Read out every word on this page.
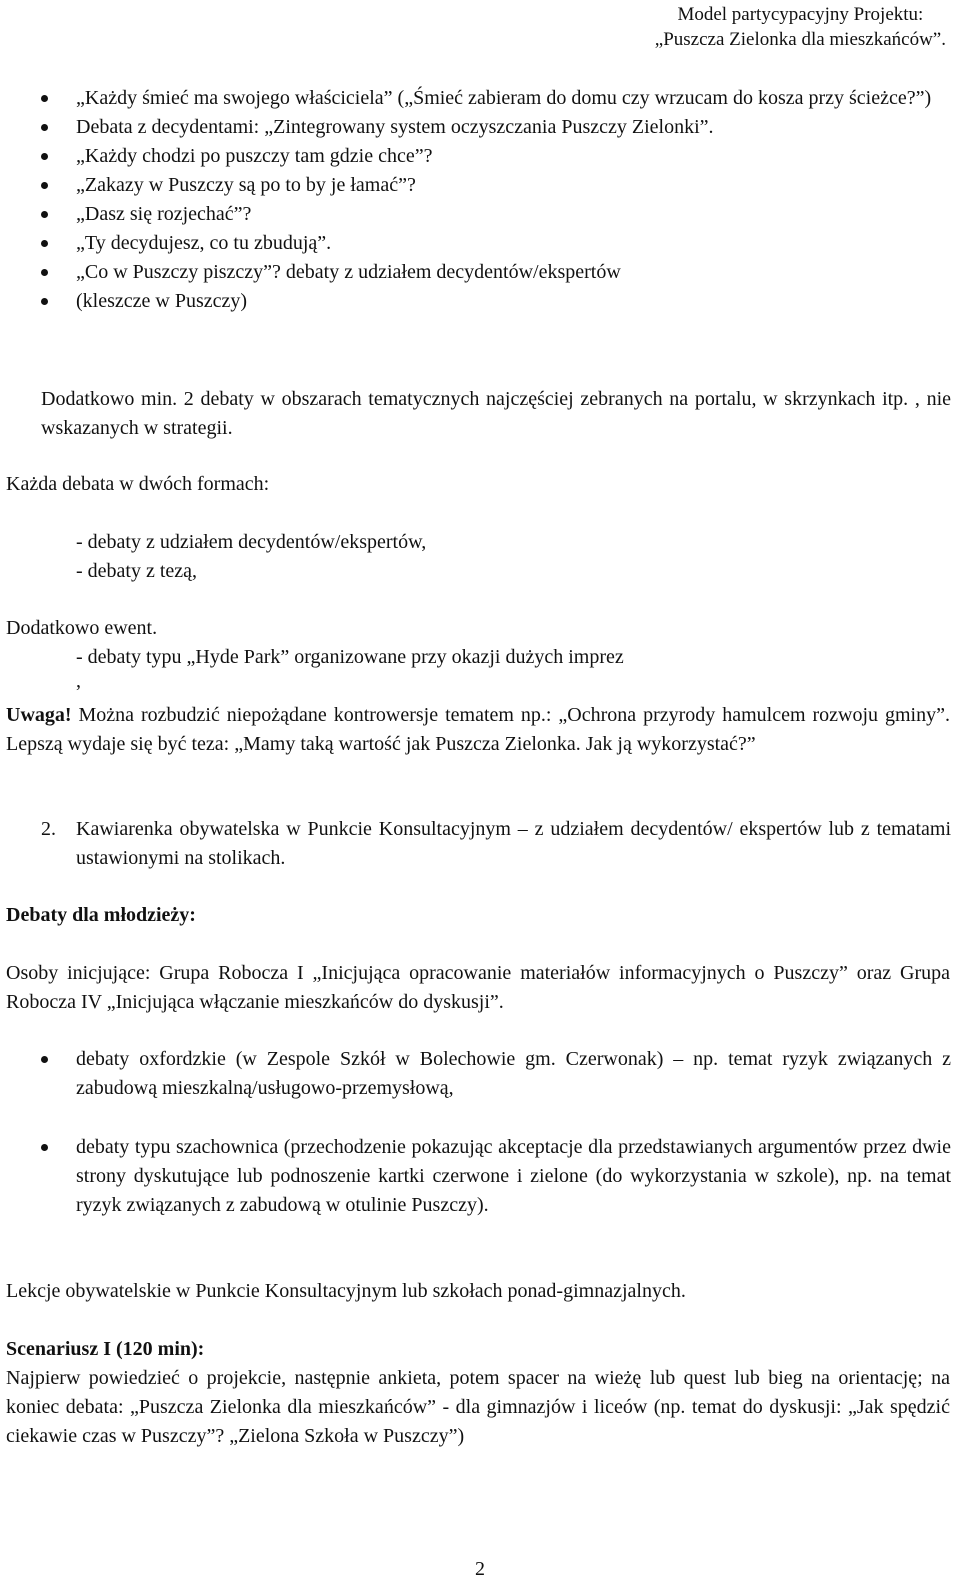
Model partycypacyjny Projektu:
„Puszcza Zielonka dla mieszkańców”.
„Każdy śmieć ma swojego właściciela” („Śmieć zabieram do domu czy wrzucam do kosza przy ścieżce?”)
Debata z decydentami: „Zintegrowany system oczyszczania Puszczy Zielonki”.
„Każdy chodzi po puszczy tam gdzie chce”?
„Zakazy w Puszczy są po to by je łamać”?
„Dasz się rozjechać”?
„Ty decydujesz, co tu zbudują”.
„Co w Puszczy piszczy”? debaty z udziałem decydentów/ekspertów
(kleszcze w Puszczy)

Dodatkowo min. 2 debaty w obszarach tematycznych najczęściej zebranych na portalu, w skrzynkach itp. , nie wskazanych w strategii.

Każda debata w dwóch formach:

- debaty z udziałem decydentów/ekspertów,

- debaty z tezą,

Dodatkowo ewent.

- debaty typu „Hyde Park” organizowane przy okazji dużych imprez

,

Uwaga! Można rozbudzić niepożądane kontrowersje tematem np.: „Ochrona przyrody hamulcem rozwoju gminy”. Lepszą wydaje się być teza: „Mamy taką wartość jak Puszcza Zielonka. Jak ją wykorzystać?”

2. Kawiarenka obywatelska w Punkcie Konsultacyjnym – z udziałem decydentów/ ekspertów lub z tematami ustawionymi na stolikach.

Debaty dla młodzieży:

Osoby inicjujące: Grupa Robocza I „Inicjująca opracowanie materiałów informacyjnych o Puszczy” oraz Grupa Robocza IV „Inicjująca włączanie mieszkańców do dyskusji”.

debaty oxfordzkie (w Zespole Szkół w Bolechowie gm. Czerwonak) – np. temat ryzyk związanych z zabudową mieszkalną/usługowo-przemysłową,
debaty typu szachownica (przechodzenie pokazując akceptacje dla przedstawianych argumentów przez dwie strony dyskutujące lub podnoszenie kartki czerwone i zielone (do wykorzystania w szkole), np. na temat ryzyk związanych z zabudową w otulinie Puszczy).

Lekcje obywatelskie w Punkcie Konsultacyjnym lub szkołach ponad-gimnazjalnych.

Scenariusz I (120 min):

Najpierw powiedzieć o projekcie, następnie ankieta, potem spacer na wieżę lub quest lub bieg na orientację; na koniec debata: „Puszcza Zielonka dla mieszkańców” - dla gimnazjów i liceów (np. temat do dyskusji: „Jak spędzić ciekawie czas w Puszczy”? „Zielona Szkoła w Puszczy”)

2
